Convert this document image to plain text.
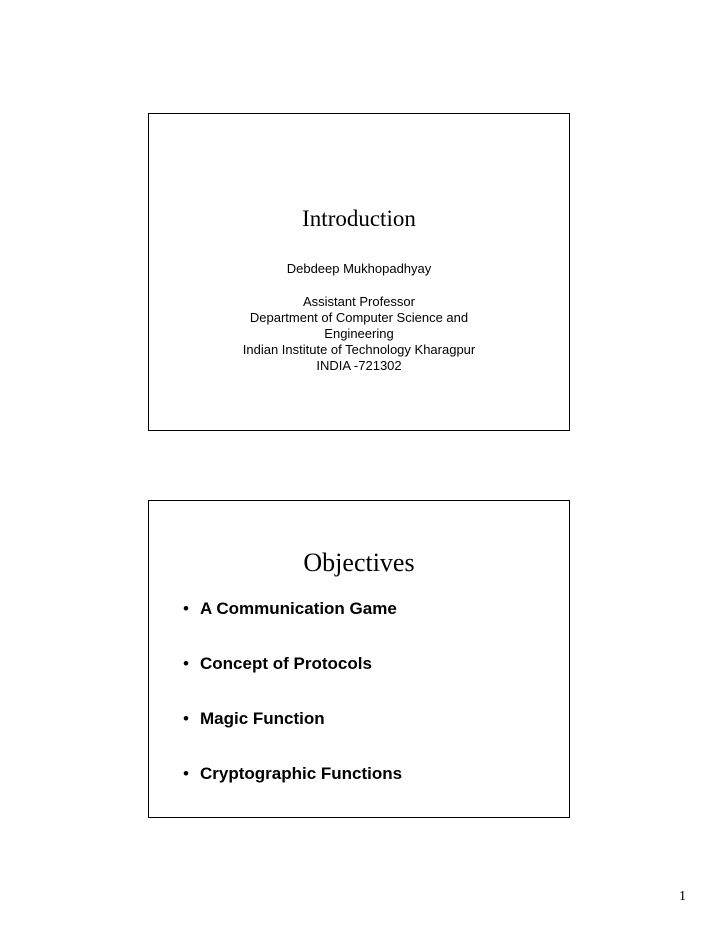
Introduction
Debdeep Mukhopadhyay
Assistant Professor
Department of Computer Science and Engineering
Indian Institute of Technology Kharagpur
INDIA -721302
Objectives
• A Communication Game
• Concept of Protocols
• Magic Function
• Cryptographic Functions
1
